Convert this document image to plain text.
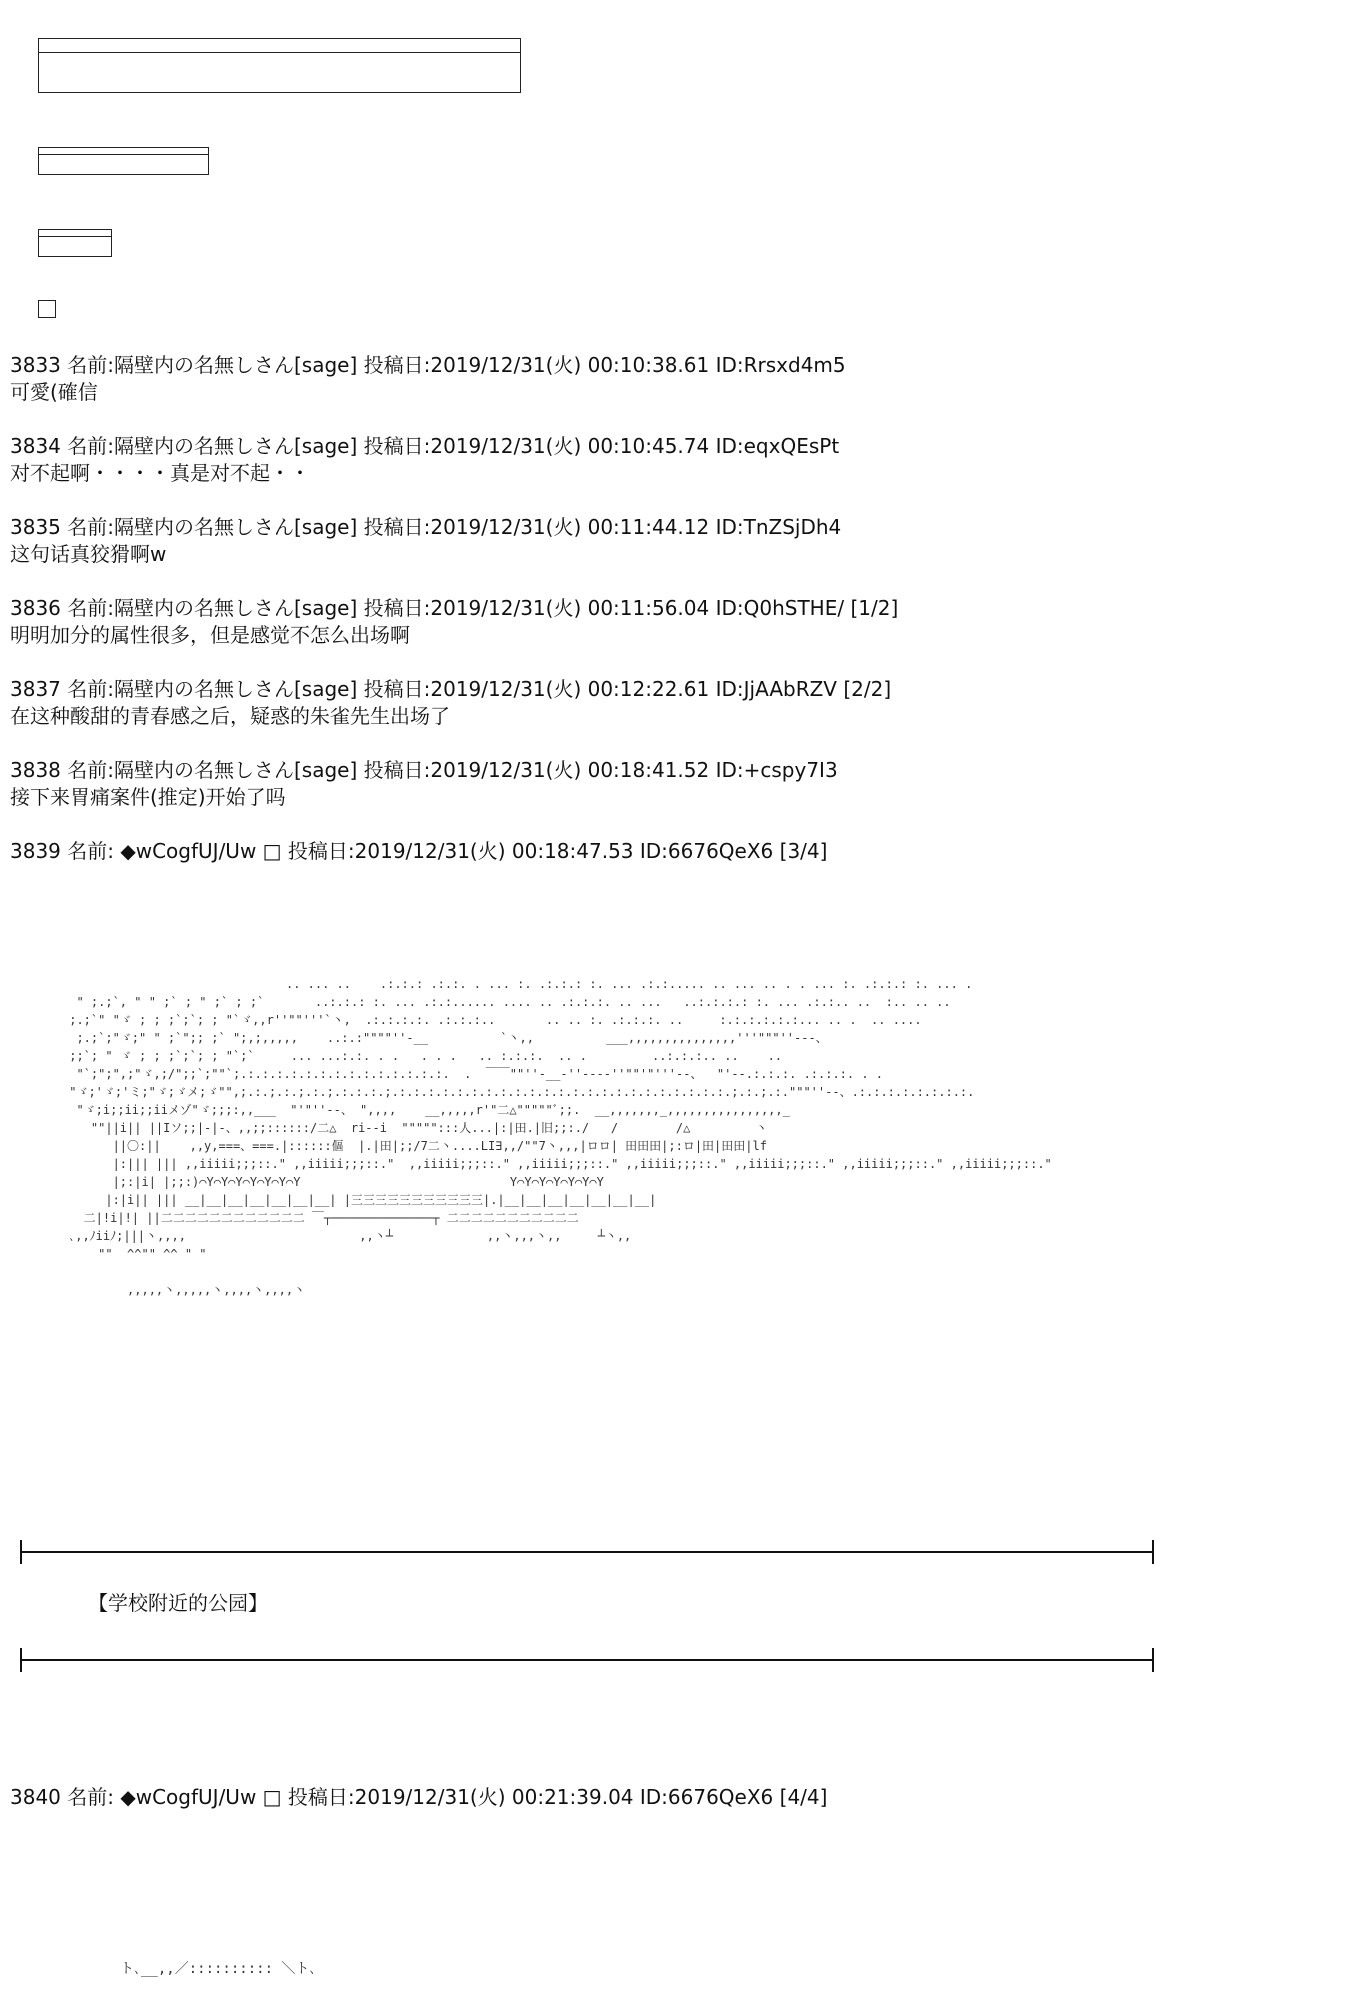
3833 名前:隔壁内の名無しさん[sage] 投稿日:2019/12/31(火) 00:10:38.61 ID:Rrsxd4m5
可愛(確信
3834 名前:隔壁内の名無しさん[sage] 投稿日:2019/12/31(火) 00:10:45.74 ID:eqxQEsPt
对不起啊・・・・真是对不起・・
3835 名前:隔壁内の名無しさん[sage] 投稿日:2019/12/31(火) 00:11:44.12 ID:TnZSjDh4
这句话真狡猾啊w
3836 名前:隔壁内の名無しさん[sage] 投稿日:2019/12/31(火) 00:11:56.04 ID:Q0hSTHE/ [1/2]
明明加分的属性很多，但是感觉不怎么出场啊
3837 名前:隔壁内の名無しさん[sage] 投稿日:2019/12/31(火) 00:12:22.61 ID:JjAAbRZV [2/2]
在这种酸甜的青春感之后，疑惑的朱雀先生出场了
3838 名前:隔壁内の名無しさん[sage] 投稿日:2019/12/31(火) 00:18:41.52 ID:+cspy7I3
接下来胃痛案件(推定)开始了吗
3839 名前: ◆wCogfUJ/Uw □ 投稿日:2019/12/31(火) 00:18:47.53 ID:6676QeX6 [3/4]
.. ... ..    .:.:.: .:.:. . ... :. .:.:.: :. ... .:.:..... .. ... .. . . ... :. .:.:.: :. ... .
" ;.;`, " " ;` ; " ;` ; ;`       ..:.:.: :. ... .:.:...... .... .. .:.:.:. .. ...   ..:.:.:.: :. ... .:.:.. ..  :.. .. ..
;.;`" "ゞ ; ; ;`;`; ; "`ゞ,,r''""'''`丶,  .:.:.:.:. .:.:.:..       .. .. :. .:.:.:. ..     :.:.:.:.:.:... .. .  .. ....
;.;`;"ゞ;" " ;`";; ;` ";,;,,,,,    ..:.:""""''‐__          `丶,,          ___,,,,,,,,,,,,,,,'''"""''‐--、
;;`; " ゞ ; ; ;`;`; ; "`;`     ... ...:.:. . .   . . .   .. :.:.:.  .. .         ..:.:.:.. ..    ..
"`;";",;"ゞ,;/";;`;""`;.:.:.:.:.:.:.:.:.:.:.:.:.:.:.  .  ￣￣""''‐__‐''‐--‐''""'"'''--、  "'‐-.:.:.:. .:.:.:. . .
"ゞ;'ゞ;'ミ;"ゞ;ゞメ;ゞ"",;.:.;.:.;.:.;.:.:.:.;.:.:.:.:.:.:.:.:.:.:.:.:.:.:.:.:.:.:.:.:.:.:.:.;.:.;.:."""''--、.:.:.:.:.:.:.:.:.
"ゞ;i;;ii;;iiメゾ"ゞ;;;:,,___  "'"''‐-、 ",,,,    __,,,,,r'"二△"""""ﾞ;;.  __,,,,,,,_,,,,,,,,,,,,,,,,_
""||i|| ||Iソ;;|‐|‐、,,;;::::::/二△  ri‐‐i  """"":::人...|:|田.|旧;;:./   /        /△         丶
||〇:||    ,,y,===、===.|::::::傴  |.|田|;;/7二丶....LI∃,,/""7丶,,,|ロロ| 田田田|;:ロ|田|田田|lf
|:||| ||| ,,iiiii;;;::." ,,iiiii;;;::."  ,,iiiii;;;::." ,,iiiii;;;::." ,,iiiii;;;::." ,,iiiii;;;::." ,,iiiii;;;::." ,,iiiii;;;::."
|;:|i| |;;:)⌒Y⌒Y⌒Y⌒Y⌒Y⌒Y⌒Y                             Y⌒Y⌒Y⌒Y⌒Y⌒Y⌒Y
|:|i|| ||| __|__|__|__|__|__|__| |三三三三三三三三三三三|.|__|__|__|__|__|__|__|
二|!i|!| ||二二二二二二二二二二二二 ￣┬──────────────┬ 二二二二二二二二二二二
､,,ﾉiiﾉ;|||丶,,,,                        ,,丶┴             ,,丶,,,丶,,     ┴丶,,
""  ^^"" ^^ " "

,,,,,丶,,,,,丶,,,,丶,,,,丶
【学校附近的公园】
3840 名前: ◆wCogfUJ/Uw □ 投稿日:2019/12/31(火) 00:21:39.04 ID:6676QeX6 [4/4]
ト､__,,／:::::::::: ＼ト､
